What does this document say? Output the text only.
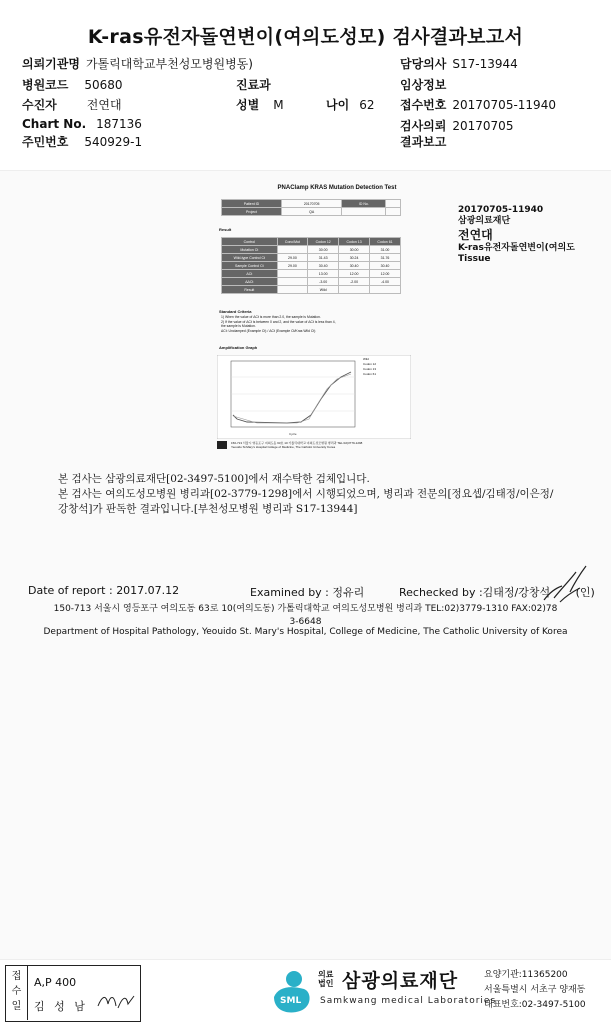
K-ras유전자돌연변이(여의도성모) 검사결과보고서
의뢰기관명 가톨릭대학교부천성모병원병동)	담당의사 S17-13944
병원코드 50680	진료과	임상정보
수진자	전연대	성별 M	나이 62 접수번호 20170705-11940
Chart No. 187136	검사의뢰 20170705
주민번호 540929-1	결과보고
PNAClamp KRAS Mutation Detection Test
Patient ID	20170705	ID No.	
Project	QA		
Result
Control	Conc/Mut	Codon 12	Codon 13	Codon 61
Mutation Ct		30.00	30.00	31.00
Wild-type Control Ct	29.00	31.43	30.24	31.76
Sample Control Ct	29.00	30.40	30.40	30.40
ΔCt		13.00	12.00	12.00
ΔΔCt		-3.00	-2.00	-4.00
Result		Wild		
Standard Criteria
1) When the value of ΔCt is more than 2.0, the sample is Mutation.
2) If the value of ΔCt is between 0 and 2, and the value of ΔCt is less than 4,
the sample is Mutation.
ΔCt: Unclamped (Example Ct) / ΔCt (Example Ct/Kras Wild Ct)
Amplification Graph
Cycle
Wild
Codon 12
Codon 13
Codon 61
150-713 서울시 영등포구 여의도동 63호 10 가톨릭대학교 여의도성모병원 병리과 TEL:02)3779-1298
Yeouido St.Mary's Hospital College of Medicine, The Catholic University Korea
20170705-11940
삼광의료재단
전연대
K-ras유전자돌연변이(여의도
Tissue
본 검사는 삼광의료재단[02-3497-5100]에서 재수탁한 검체입니다.
본 검사는 여의도성모병원 병리과[02-3779-1298]에서 시행되었으며, 병리과 전문의[정요셉/김태정/이은정/
강창석]가 판독한 결과입니다.[부천성모병원 병리과 S17-13944]
Date of report : 2017.07.12	Examined by : 정유리	Rechecked by :김태정/강창석 (인)
150-713 서울시 영등포구 여의도동 63로 10(여의도동) 가톨릭대학교 여의도성모병원 병리과 TEL:02)3779-1310 FAX:02)78
3-6648
Department of Hospital Pathology, Yeouido St. Mary's Hospital, College of Medicine, The Catholic University of Korea
접수일
A,P 400
김 성 남	SML
의료
법인 삼광의료재단
Samkwang medical Laboratories
요양기관:11365200
서울특별시 서초구 양재동
대표번호:02-3497-5100
